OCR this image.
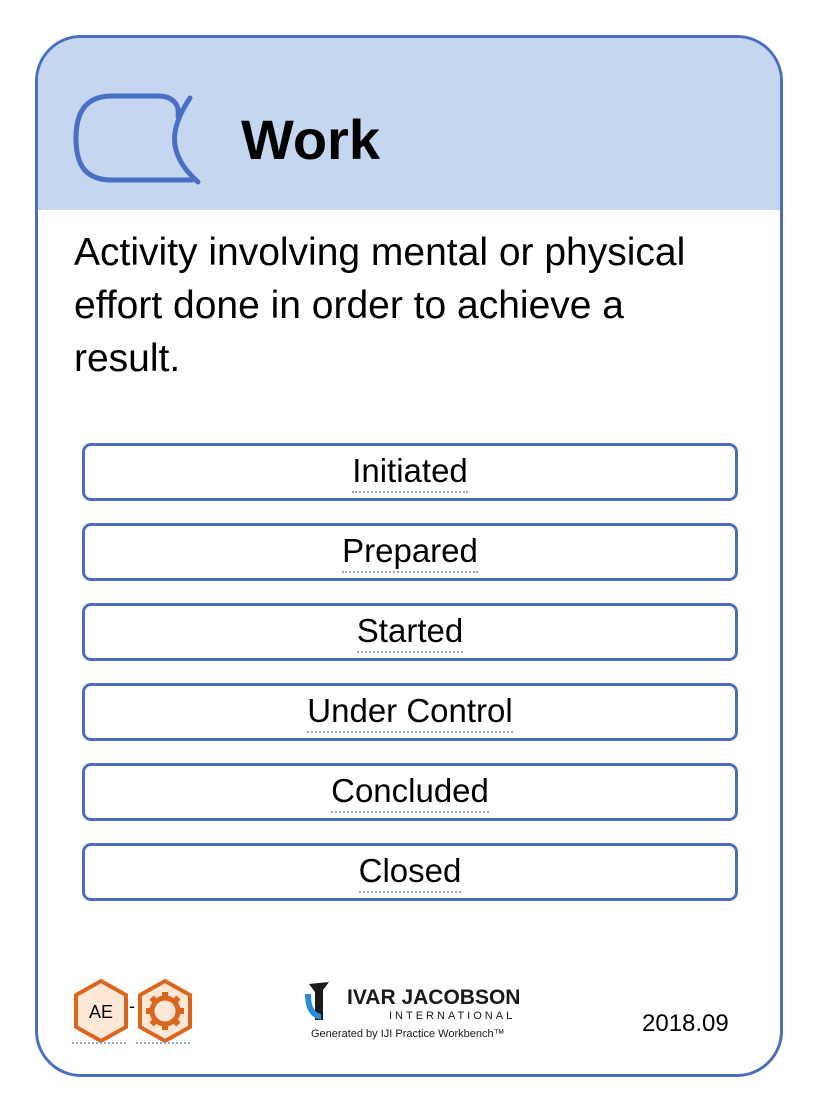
Work

Activity involving mental or physical effort done in order to achieve a result.

Initiated
Prepared
Started
Under Control
Concluded
Closed
AE -	IVAR JACOBSON
INTERNATIONAL
Generated by IJI Practice Workbench™	2018.09
